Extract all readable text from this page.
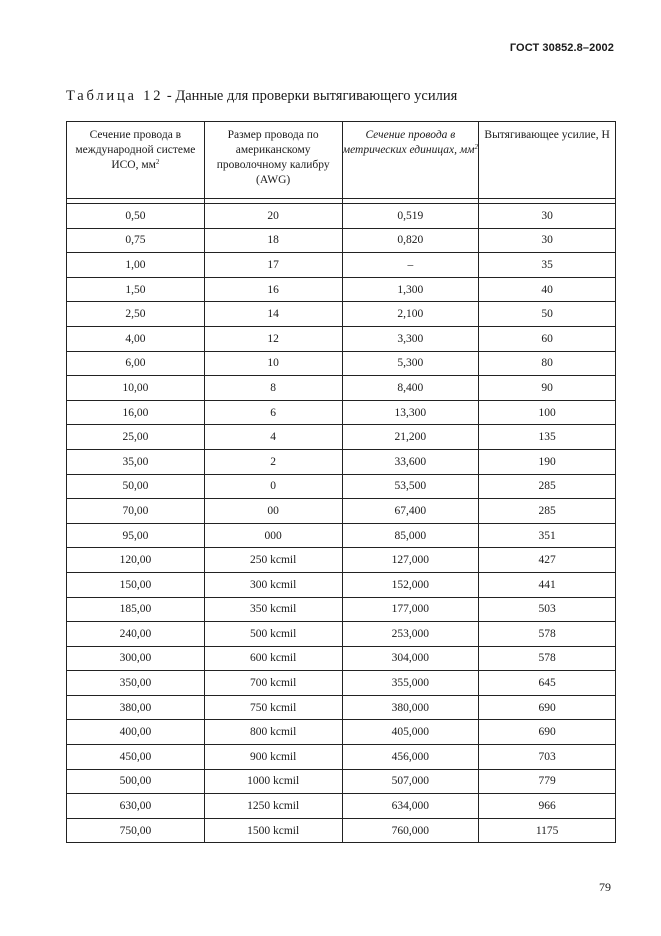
ГОСТ 30852.8–2002
Таблица 12 - Данные для проверки вытягивающего усилия
Сечение провода в международной системе ИСО, $мм^2$	Размер провода по американскому проволочному калибру (AWG)	Сечение провода в метрических единицах, $мм^2$	Вытягивающее усилие, Н

0,50	20	0,519	30
0,75	18	0,820	30
1,00	17	–	35
1,50	16	1,300	40
2,50	14	2,100	50
4,00	12	3,300	60
6,00	10	5,300	80
10,00	8	8,400	90
16,00	6	13,300	100
25,00	4	21,200	135
35,00	2	33,600	190
50,00	0	53,500	285
70,00	00	67,400	285
95,00	000	85,000	351
120,00	250 kcmil	127,000	427
150,00	300 kcmil	152,000	441
185,00	350 kcmil	177,000	503
240,00	500 kcmil	253,000	578
300,00	600 kcmil	304,000	578
350,00	700 kcmil	355,000	645
380,00	750 kcmil	380,000	690
400,00	800 kcmil	405,000	690
450,00	900 kcmil	456,000	703
500,00	1000 kcmil	507,000	779
630,00	1250 kcmil	634,000	966
750,00	1500 kcmil	760,000	1175
79
